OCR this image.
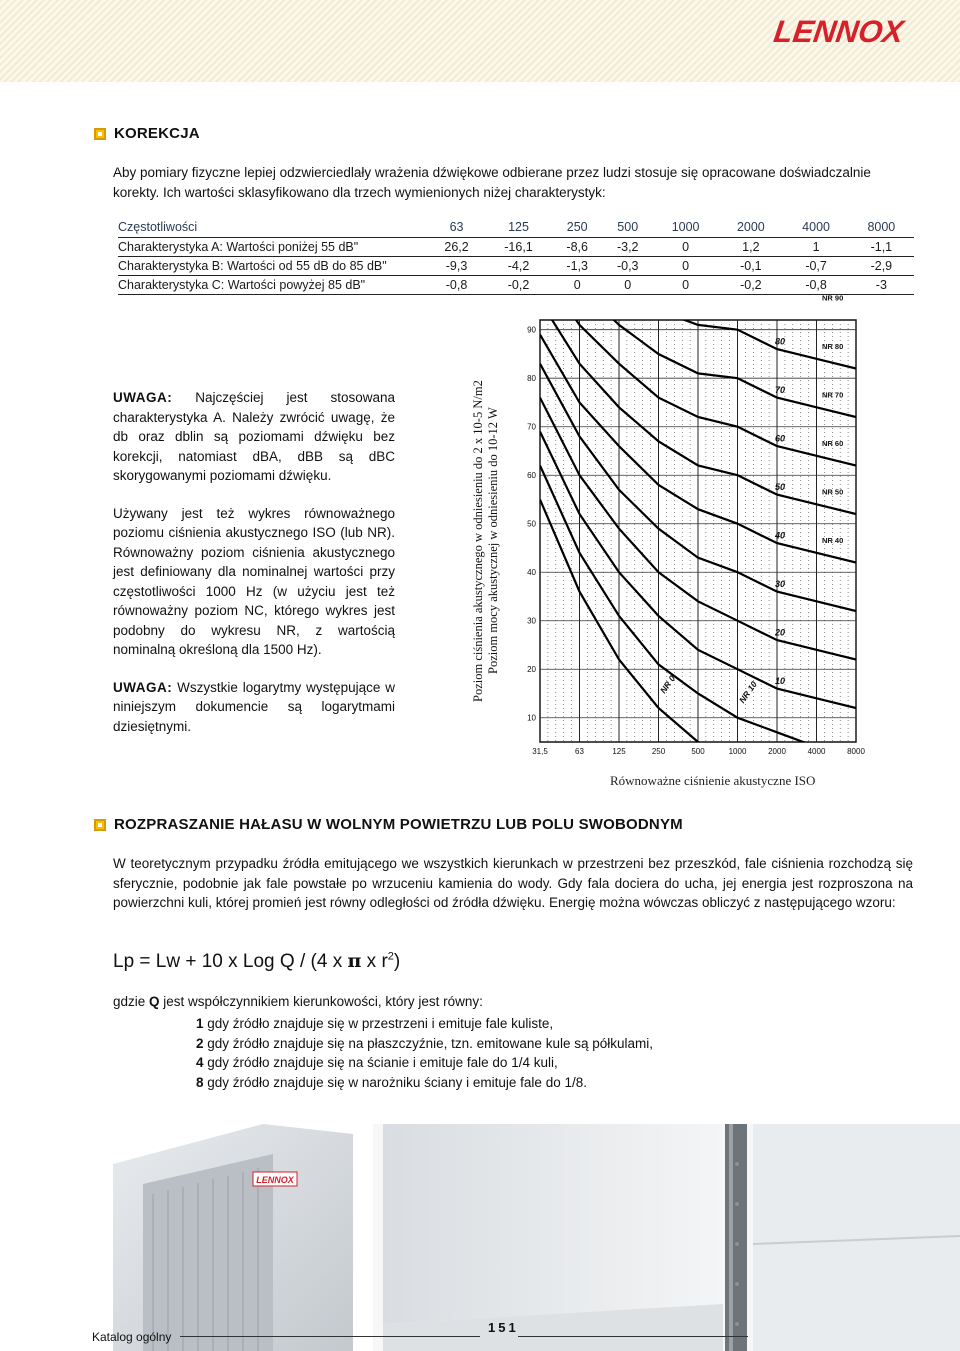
LENNOX
KOREKCJA
Aby pomiary fizyczne lepiej odzwierciedlały wrażenia dźwiękowe odbierane przez ludzi stosuje się opracowane doświadczalnie
korekty. Ich wartości sklasyfikowano dla trzech wymienionych niżej charakterystyk:
Częstotliwości	63	125	250	500	1000	2000	4000	8000
Charakterystyka A: Wartości poniżej 55 dB"	26,2	-16,1	-8,6	-3,2	0	1,2	1	-1,1
Charakterystyka B: Wartości od 55 dB do 85 dB"	-9,3	-4,2	-1,3	-0,3	0	-0,1	-0,7	-2,9
Charakterystyka C: Wartości powyżej 85 dB"	-0,8	-0,2	0	0	0	-0,2	-0,8	-3

UWAGA: Najczęściej jest stosowana charakterystyka A. Należy zwrócić uwagę, że db oraz dblin są poziomami dźwięku bez korekcji, natomiast dBA, dBB są dBC skorygowanymi poziomami dźwięku.

Używany jest też wykres równoważnego poziomu ciśnienia akustycznego ISO (lub NR). Równoważny poziom ciśnienia akustycznego jest definiowany dla nominalnej wartości przy częstotliwości 1000 Hz (w użyciu jest też równoważny poziom NC, którego wykres jest podobny do wykresu NR, z wartością nominalną określoną dla 1500 Hz).

UWAGA: Wszystkie logarytmy występujące w niniejszym dokumencie są logarytmami dziesiętnymi.

Poziom ciśnienia akustycznego w odniesieniu do 2 x 10-5 N/m2 Poziom mocy akustycznej w odniesieniu do 10-12 W
10
20
30
40
50
60
70
80
90
31,5	63	125	250	500	1000	2000	4000	8000
NR 0	NR 10 10
20
30
40
50
60
70
80
NR 40
NR 50
NR 60
NR 70
NR 80
NR 90
Równoważne ciśnienie akustyczne ISO
ROZPRASZANIE HAŁASU W WOLNYM POWIETRZU LUB POLU SWOBODNYM
W teoretycznym przypadku źródła emitującego we wszystkich kierunkach w przestrzeni bez przeszkód, fale ciśnienia rozchodzą się sferycznie, podobnie jak fale powstałe po wrzuceniu kamienia do wody. Gdy fala dociera do ucha, jej energia jest rozproszona na powierzchni kuli, której promień jest równy odległości od źródła dźwięku. Energię można wówczas obliczyć z następującego wzoru:
Lp = Lw + 10 x Log Q / (4 x π x $r^2$)
gdzie Q jest współczynnikiem kierunkowości, który jest równy:
1 gdy źródło znajduje się w przestrzeni i emituje fale kuliste,
2 gdy źródło znajduje się na płaszczyźnie, tzn. emitowane kule są półkulami,
4 gdy źródło znajduje się na ścianie i emituje fale do 1/4 kuli,
8 gdy źródło znajduje się w narożniku ściany i emituje fale do 1/8.
LENNOX
Katalog ogólny
151
